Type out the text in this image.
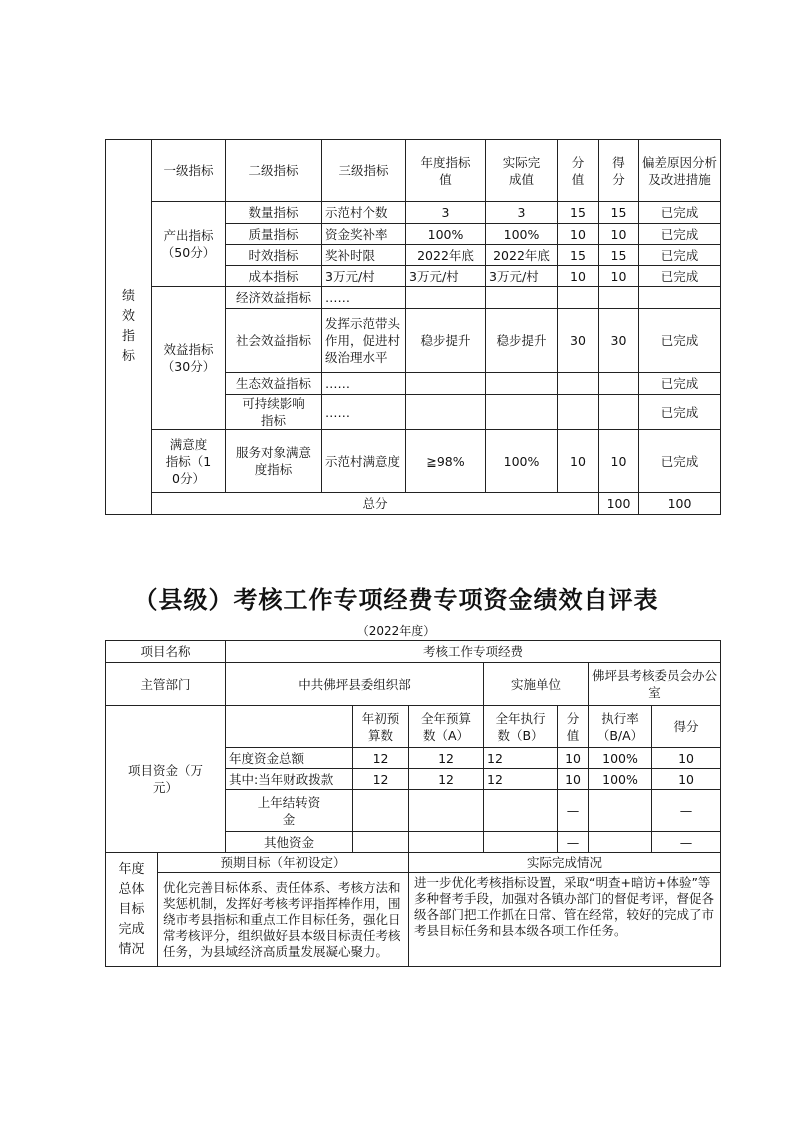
绩效指标	一级指标	二级指标	三级指标	年度指标值	实际完成值	分值	得分	偏差原因分析及改进措施	
	产出指标（50分）	数量指标	示范村个数	3	3	15	15	已完成	
		质量指标	资金奖补率	100%	100%	10	10	已完成	
		时效指标	奖补时限	2022年底	2022年底	15	15	已完成	
		成本指标	3万元/村	3万元/村	3万元/村	10	10	已完成	
	效益指标（30分）	经济效益指标	……						
		社会效益指标	发挥示范带头作用，促进村级治理水平	稳步提升	稳步提升	30	30	已完成	
		生态效益指标	……					已完成	
		可持续影响指标	……					已完成	
	满意度指标（10分）	服务对象满意度指标	示范村满意度	≧98%	100%	10	10	已完成	
	总分						100	100	
（县级）考核工作专项经费专项资金绩效自评表
（2022年度）
项目名称		考核工作专项经费						
主管部门		中共佛坪县委组织部			实施单位		佛坪县考核委员会办公室	
项目资金（万元）			年初预算数	全年预算数（A）	全年执行数（B）	分值	执行率（B/A）	得分
		年度资金总额	12	12	12	10	100%	10
		其中:当年财政拨款	12	12	12	10	100%	10
		上年结转资金				—		—
		其他资金				—		—
年度总体目标完成情况	预期目标（年初设定）			实际完成情况				
	优化完善目标体系、责任体系、考核方法和奖惩机制，发挥好考核考评指挥棒作用，围绕市考县指标和重点工作目标任务，强化日常考核评分，组织做好县本级目标责任考核任务，为县域经济高质量发展凝心聚力。			进一步优化考核指标设置，采取“明查+暗访+体验”等多种督考手段，加强对各镇办部门的督促考评，督促各级各部门把工作抓在日常、管在经常，较好的完成了市考县目标任务和县本级各项工作任务。				
